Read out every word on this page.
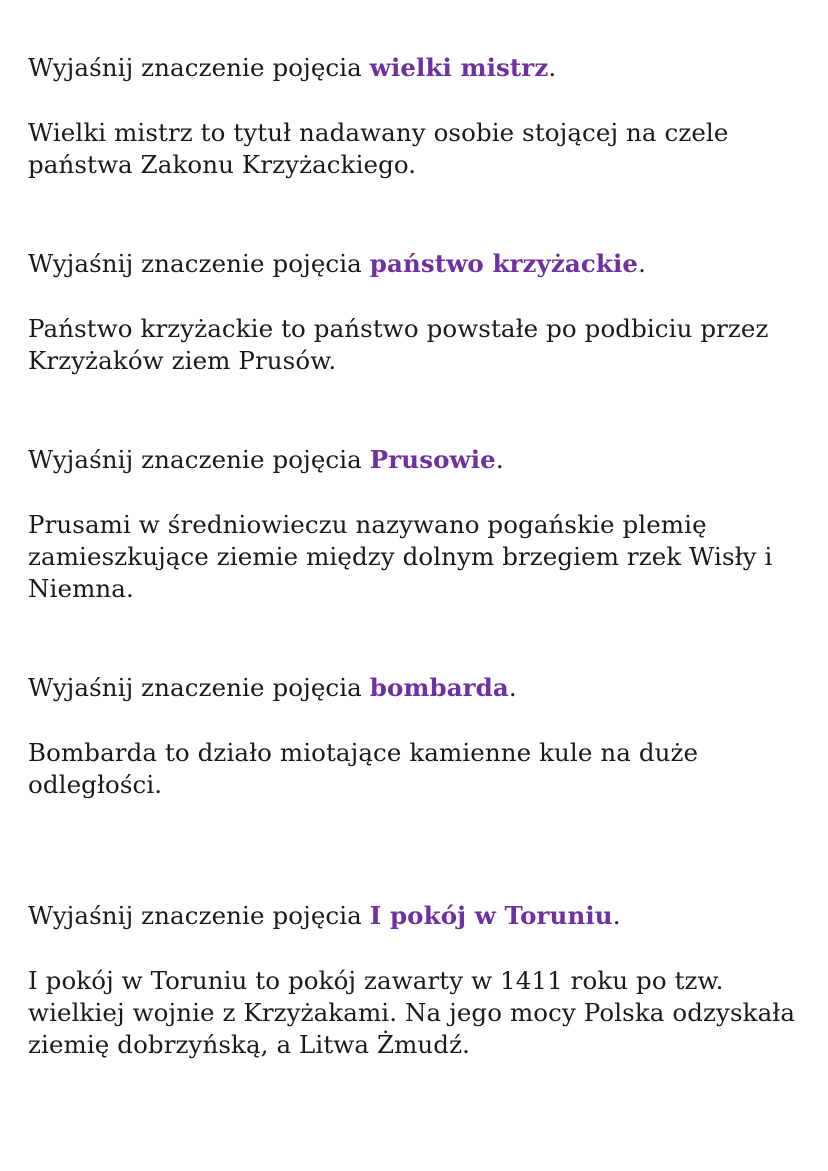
Wyjaśnij znaczenie pojęcia wielki mistrz.

Wielki mistrz to tytuł nadawany osobie stojącej na czele państwa Zakonu Krzyżackiego.

Wyjaśnij znaczenie pojęcia państwo krzyżackie.

Państwo krzyżackie to państwo powstałe po podbiciu przez Krzyżaków ziem Prusów.

Wyjaśnij znaczenie pojęcia Prusowie.

Prusami w średniowieczu nazywano pogańskie plemię zamieszkujące ziemie między dolnym brzegiem rzek Wisły i Niemna.

Wyjaśnij znaczenie pojęcia bombarda.

Bombarda to działo miotające kamienne kule na duże odległości.

Wyjaśnij znaczenie pojęcia I pokój w Toruniu.

I pokój w Toruniu to pokój zawarty w 1411 roku po tzw. wielkiej wojnie z Krzyżakami. Na jego mocy Polska odzyskała ziemię dobrzyńską, a Litwa Żmudź.
